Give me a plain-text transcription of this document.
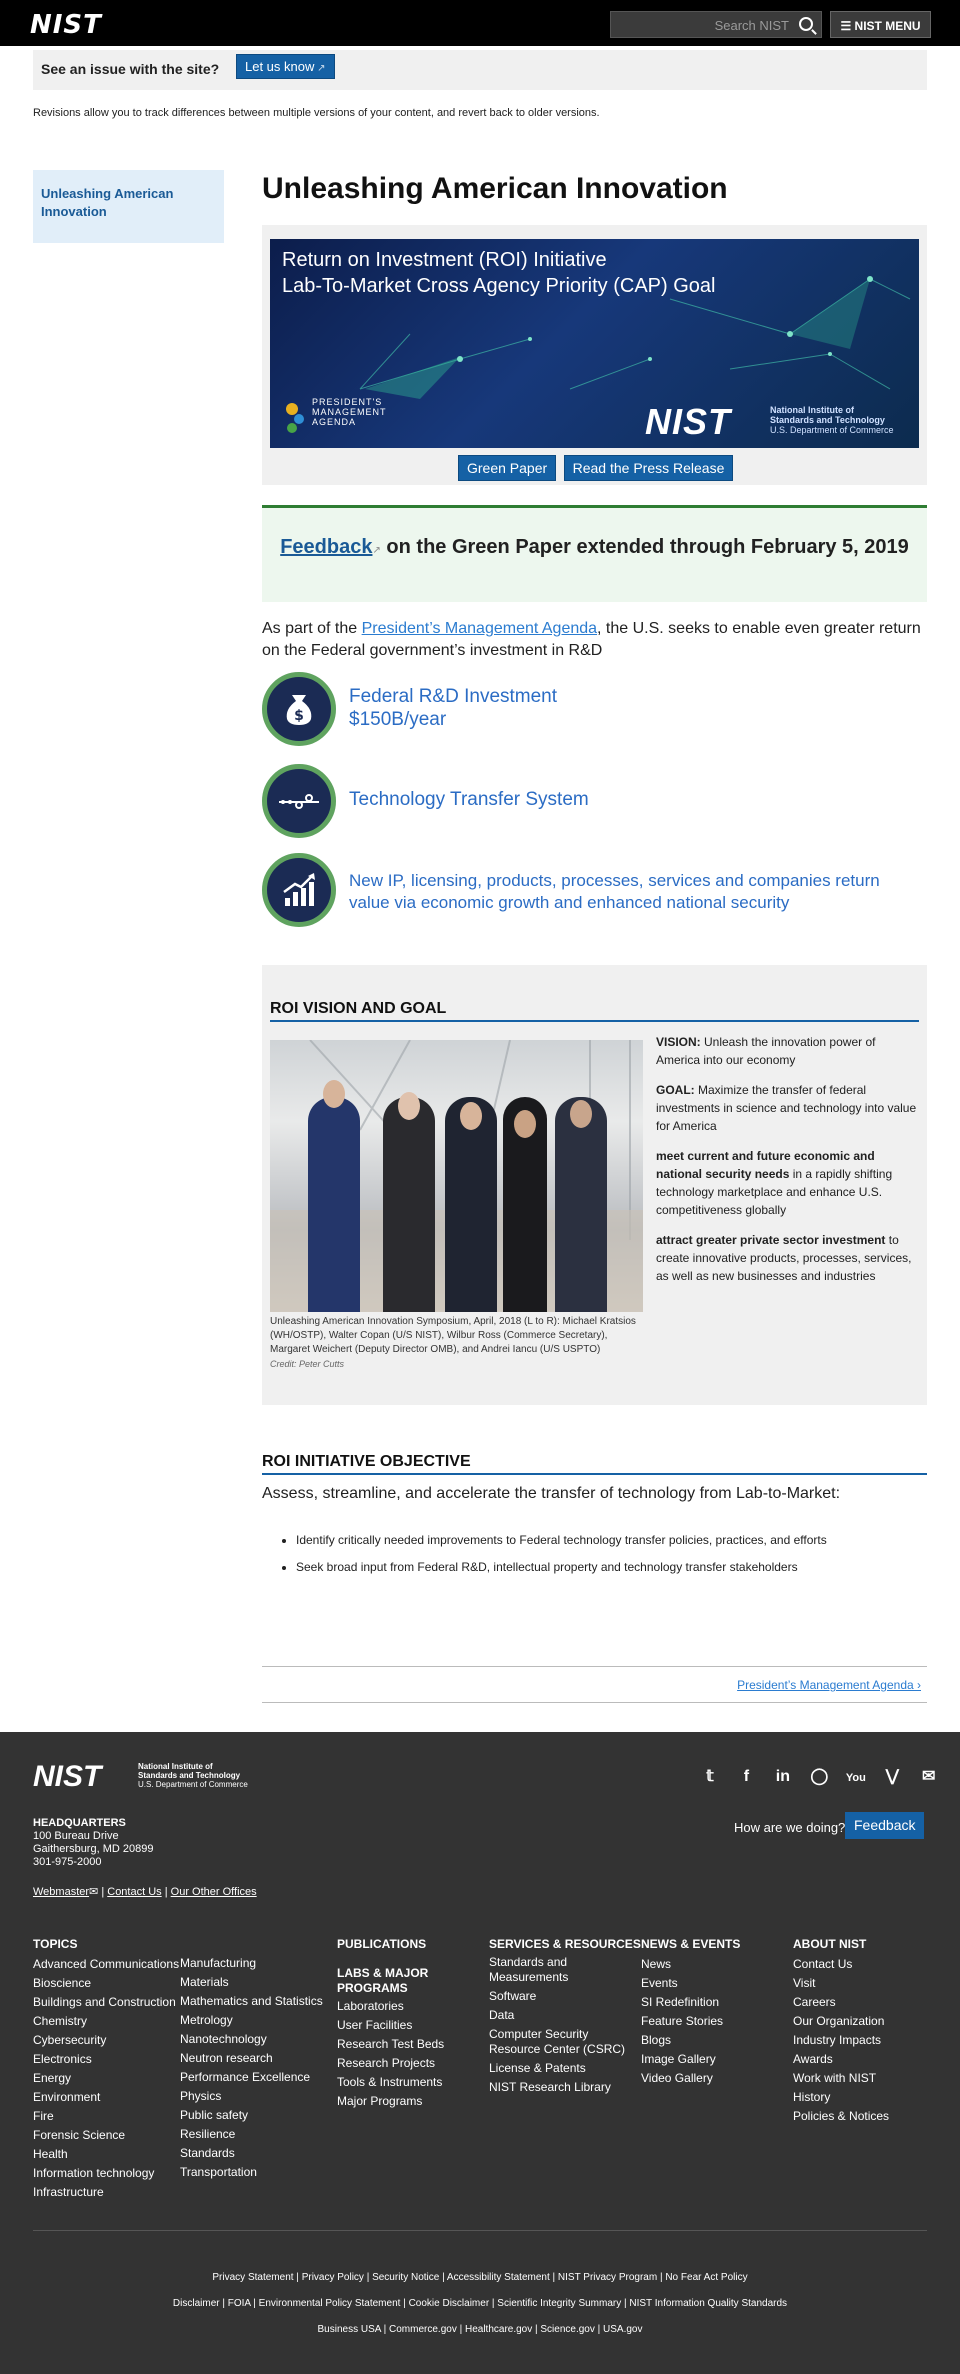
NIST	Search NIST	☰ NIST MENU
See an issue with the site?	Let us know ↗
Revisions allow you to track differences between multiple versions of your content, and revert back to older versions.
Unleashing American Innovation
Unleashing American Innovation
Return on Investment (ROI) Initiative
Lab-To-Market Cross Agency Priority (CAP) Goal
PRESIDENT'S
MANAGEMENT
AGENDA	NIST	National Institute of
Standards and Technology
U.S. Department of Commerce
Green Paper Read the Press Release
Feedback↗ on the Green Paper extended through February 5, 2019

As part of the President’s Management Agenda, the U.S. seeks to enable even greater return on the Federal government’s investment in R&D

$
Federal R&D Investment
$150B/year
Technology Transfer System
New IP, licensing, products, processes, services and companies return
value via economic growth and enhanced national security
ROI VISION AND GOAL
Unleashing American Innovation Symposium, April, 2018 (L to R): Michael Kratsios (WH/OSTP), Walter Copan (U/S NIST), Wilbur Ross (Commerce Secretary), Margaret Weichert (Deputy Director OMB), and Andrei Iancu (U/S USPTO)
Credit: Peter Cutts

VISION: Unleash the innovation power of America into our economy

GOAL: Maximize the transfer of federal investments in science and technology into value for America

meet current and future economic and national security needs in a rapidly shifting technology marketplace and enhance U.S. competitiveness globally

attract greater private sector investment to create innovative products, processes, services, as well as new businesses and industries

ROI INITIATIVE OBJECTIVE
Assess, streamline, and accelerate the transfer of technology from Lab-to-Market:
• Identify critically needed improvements to Federal technology transfer policies, practices, and efforts
• Seek broad input from Federal R&D, intellectual property and technology transfer stakeholders
President’s Management Agenda ›
NIST	National Institute of
Standards and Technology
U.S. Department of Commerce	𝕥 f in ◯ You ⋁ ✉
HEADQUARTERS
100 Bureau Drive
Gaithersburg, MD 20899
301-975-2000
Webmaster✉ | Contact Us | Our Other Offices
How are we doing? Feedback
TOPICS
Advanced Communications
Bioscience
Buildings and Construction
Chemistry
Cybersecurity
Electronics
Energy
Environment
Fire
Forensic Science
Health
Information technology
Infrastructure
Manufacturing
Materials
Mathematics and Statistics
Metrology
Nanotechnology
Neutron research
Performance Excellence
Physics
Public safety
Resilience
Standards
Transportation
PUBLICATIONS
LABS & MAJOR
PROGRAMS
Laboratories
User Facilities
Research Test Beds
Research Projects
Tools & Instruments
Major Programs
SERVICES & RESOURCES
Standards and
Measurements
Software
Data
Computer Security
Resource Center (CSRC)
License & Patents
NIST Research Library
NEWS & EVENTS
News
Events
SI Redefinition
Feature Stories
Blogs
Image Gallery
Video Gallery
ABOUT NIST
Contact Us
Visit
Careers
Our Organization
Industry Impacts
Awards
Work with NIST
History
Policies & Notices
Privacy Statement | Privacy Policy | Security Notice | Accessibility Statement | NIST Privacy Program | No Fear Act Policy
Disclaimer | FOIA | Environmental Policy Statement | Cookie Disclaimer | Scientific Integrity Summary | NIST Information Quality Standards
Business USA | Commerce.gov | Healthcare.gov | Science.gov | USA.gov
